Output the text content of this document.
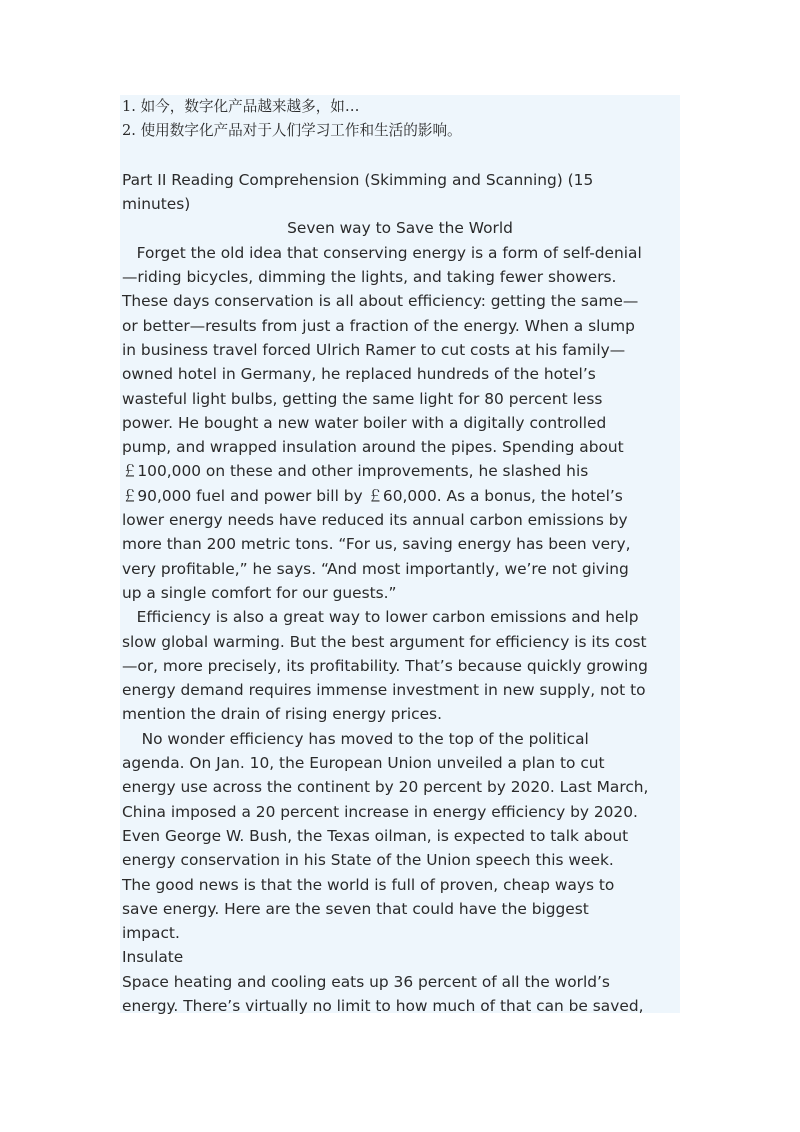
1. 如今，数字化产品越来越多，如…
2. 使用数字化产品对于人们学习工作和生活的影响。
Part II Reading Comprehension (Skimming and Scanning) (15
minutes)
Seven way to Save the World
Forget the old idea that conserving energy is a form of self-denial
—riding bicycles, dimming the lights, and taking fewer showers.
These days conservation is all about efficiency: getting the same—
or better—results from just a fraction of the energy. When a slump
in business travel forced Ulrich Ramer to cut costs at his family—
owned hotel in Germany, he replaced hundreds of the hotel’s
wasteful light bulbs, getting the same light for 80 percent less
power. He bought a new water boiler with a digitally controlled
pump, and wrapped insulation around the pipes. Spending about
￡100,000 on these and other improvements, he slashed his
￡90,000 fuel and power bill by ￡60,000. As a bonus, the hotel’s
lower energy needs have reduced its annual carbon emissions by
more than 200 metric tons. “For us, saving energy has been very,
very profitable,” he says. “And most importantly, we’re not giving
up a single comfort for our guests.”
Efficiency is also a great way to lower carbon emissions and help
slow global warming. But the best argument for efficiency is its cost
—or, more precisely, its profitability. That’s because quickly growing
energy demand requires immense investment in new supply, not to
mention the drain of rising energy prices.
No wonder efficiency has moved to the top of the political
agenda. On Jan. 10, the European Union unveiled a plan to cut
energy use across the continent by 20 percent by 2020. Last March,
China imposed a 20 percent increase in energy efficiency by 2020.
Even George W. Bush, the Texas oilman, is expected to talk about
energy conservation in his State of the Union speech this week.
The good news is that the world is full of proven, cheap ways to
save energy. Here are the seven that could have the biggest
impact.
Insulate
Space heating and cooling eats up 36 percent of all the world’s
energy. There’s virtually no limit to how much of that can be saved,
